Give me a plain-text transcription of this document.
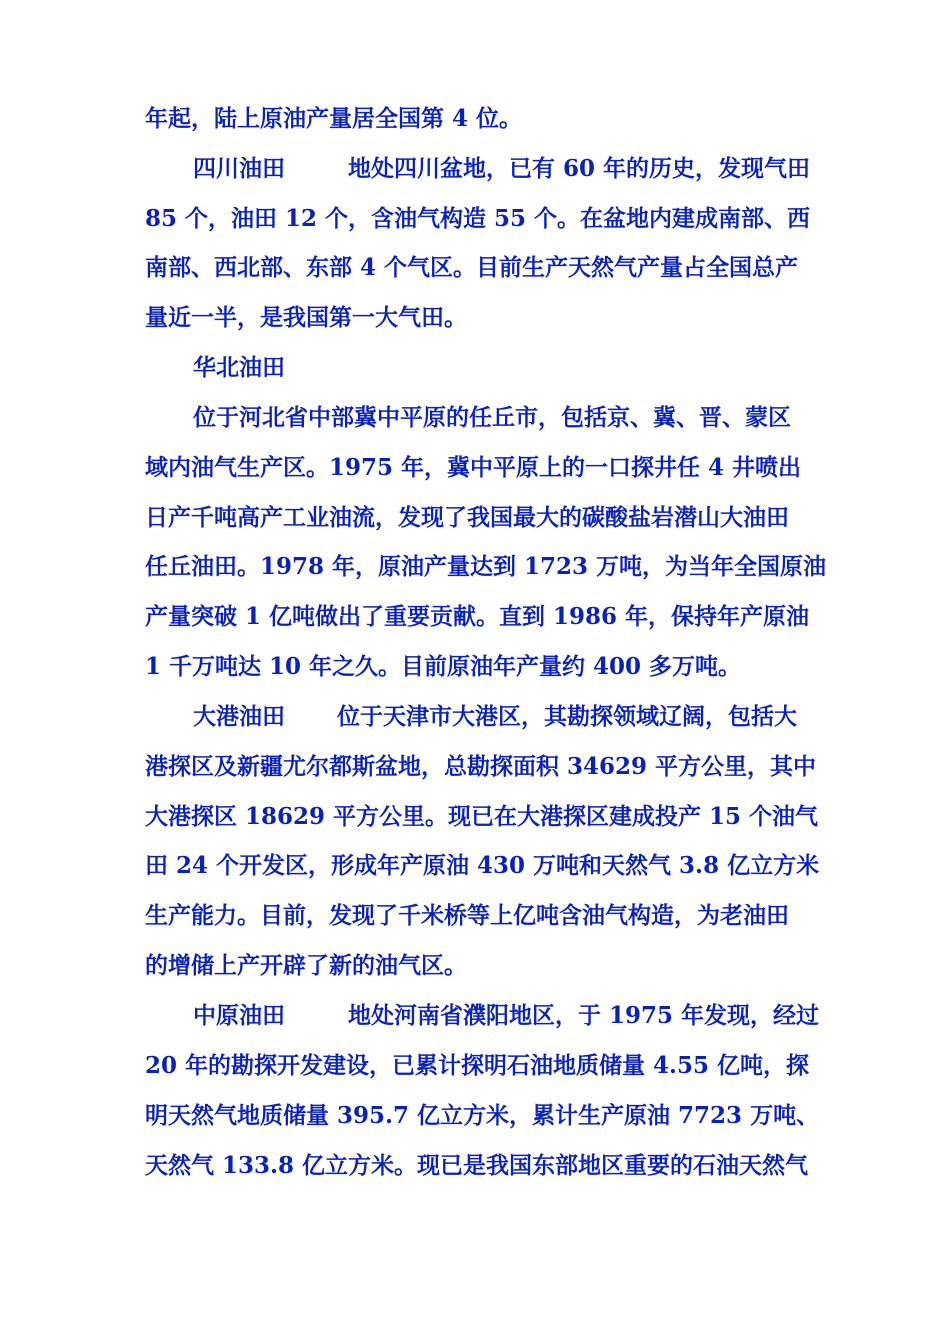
年起，陆上原油产量居全国第 4 位。
四川油田	地处四川盆地，已有 60 年的历史，发现气田
85 个，油田 12 个，含油气构造 55 个。在盆地内建成南部、西
南部、西北部、东部 4 个气区。目前生产天然气产量占全国总产
量近一半，是我国第一大气田。
华北油田
位于河北省中部冀中平原的任丘市，包括京、冀、晋、蒙区
域内油气生产区。1975 年，冀中平原上的一口探井任 4 井喷出
日产千吨高产工业油流，发现了我国最大的碳酸盐岩潜山大油田
任丘油田。1978 年，原油产量达到 1723 万吨，为当年全国原油
产量突破 1 亿吨做出了重要贡献。直到 1986 年，保持年产原油
1 千万吨达 10 年之久。目前原油年产量约 400 多万吨。
大港油田 位于天津市大港区，其勘探领域辽阔，包括大
港探区及新疆尤尔都斯盆地，总勘探面积 34629 平方公里，其中
大港探区 18629 平方公里。现已在大港探区建成投产 15 个油气
田 24 个开发区，形成年产原油 430 万吨和天然气 3.8 亿立方米
生产能力。目前，发现了千米桥等上亿吨含油气构造，为老油田
的增储上产开辟了新的油气区。
中原油田	地处河南省濮阳地区，于 1975 年发现，经过
20 年的勘探开发建设，已累计探明石油地质储量 4.55 亿吨，探
明天然气地质储量 395.7 亿立方米，累计生产原油 7723 万吨、
天然气 133.8 亿立方米。现已是我国东部地区重要的石油天然气
